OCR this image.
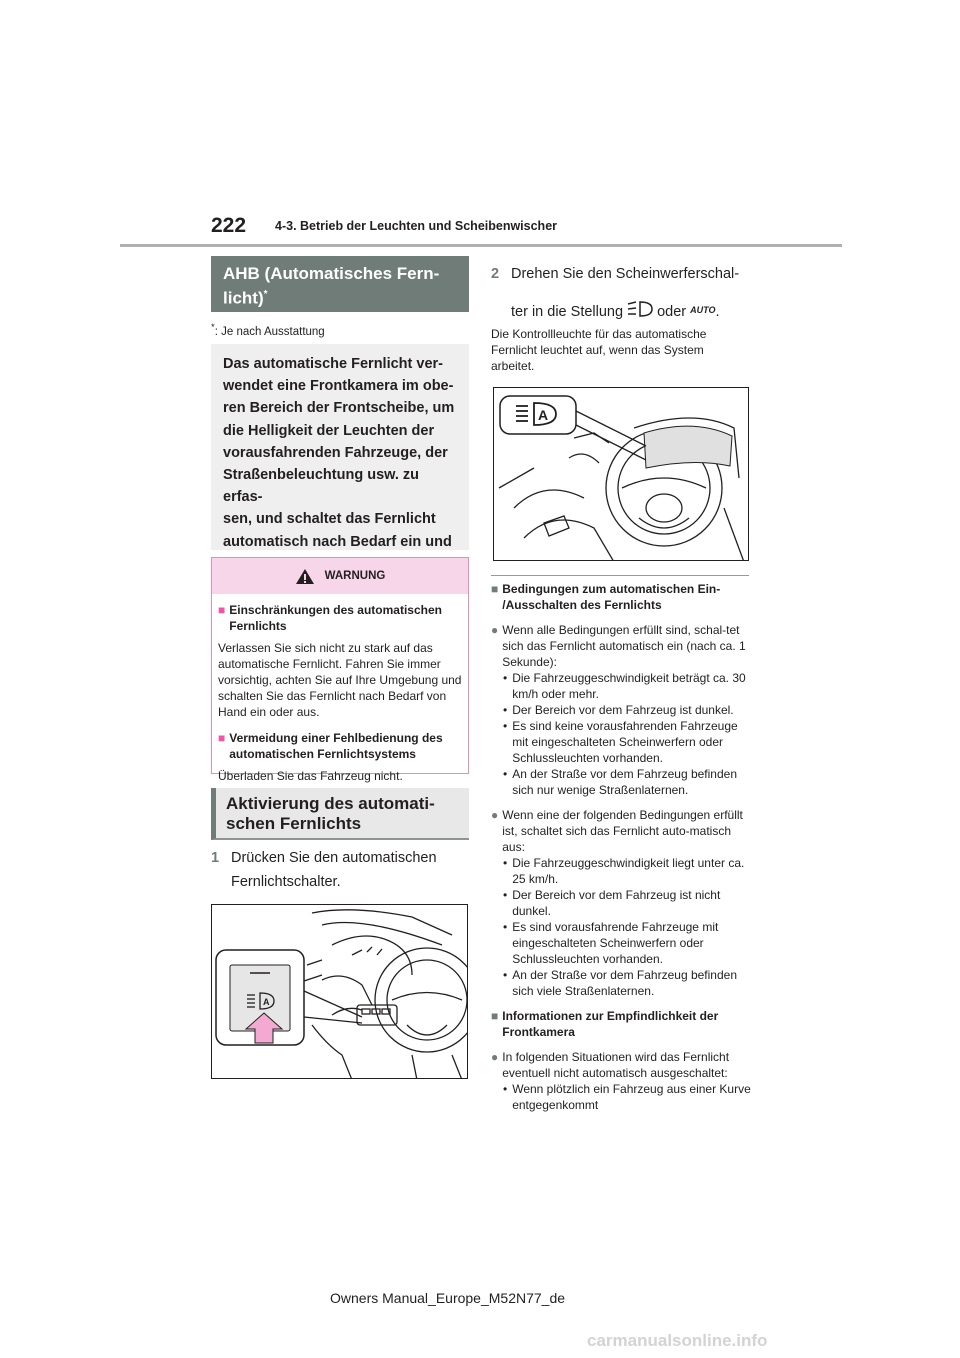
222 4-3. Betrieb der Leuchten und Scheibenwischer
AHB (Automatisches Fern-
licht)*
*: Je nach Ausstattung
Das automatische Fernlicht ver-
wendet eine Frontkamera im obe-
ren Bereich der Frontscheibe, um
die Helligkeit der Leuchten der
vorausfahrenden Fahrzeuge, der
Straßenbeleuchtung usw. zu erfas-
sen, und schaltet das Fernlicht
automatisch nach Bedarf ein und
WARNUNG
■ Einschränkungen des automatischen
Fernlichts
Verlassen Sie sich nicht zu stark auf das automatische Fernlicht. Fahren Sie immer vorsichtig, achten Sie auf Ihre Umgebung und schalten Sie das Fernlicht nach Bedarf von Hand ein oder aus.
■ Vermeidung einer Fehlbedienung des
automatischen Fernlichtsystems
Überladen Sie das Fahrzeug nicht.
Aktivierung des automati-
schen Fernlichts
1 Drücken Sie den automatischen
Fernlichtschalter.
A
2 Drehen Sie den Scheinwerferschal-
ter in die Stellung oder $^{AUTO}$.
Die Kontrollleuchte für das automatische Fernlicht leuchtet auf, wenn das System arbeitet.
A
■ Bedingungen zum automatischen Ein-
/Ausschalten des Fernlichts
● Wenn alle Bedingungen erfüllt sind, schal-tet sich das Fernlicht automatisch ein (nach ca. 1 Sekunde):
• Die Fahrzeuggeschwindigkeit beträgt ca. 30 km/h oder mehr.
• Der Bereich vor dem Fahrzeug ist dunkel.
• Es sind keine vorausfahrenden Fahrzeuge mit eingeschalteten Scheinwerfern oder Schlussleuchten vorhanden.
• An der Straße vor dem Fahrzeug befinden sich nur wenige Straßenlaternen.
● Wenn eine der folgenden Bedingungen erfüllt ist, schaltet sich das Fernlicht auto-matisch aus:
• Die Fahrzeuggeschwindigkeit liegt unter ca. 25 km/h.
• Der Bereich vor dem Fahrzeug ist nicht dunkel.
• Es sind vorausfahrende Fahrzeuge mit eingeschalteten Scheinwerfern oder Schlussleuchten vorhanden.
• An der Straße vor dem Fahrzeug befinden sich viele Straßenlaternen.
■ Informationen zur Empfindlichkeit der
Frontkamera
● In folgenden Situationen wird das Fernlicht eventuell nicht automatisch ausgeschaltet:
• Wenn plötzlich ein Fahrzeug aus einer Kurve entgegenkommt
Owners Manual_Europe_M52N77_de
carmanualsonline.info
